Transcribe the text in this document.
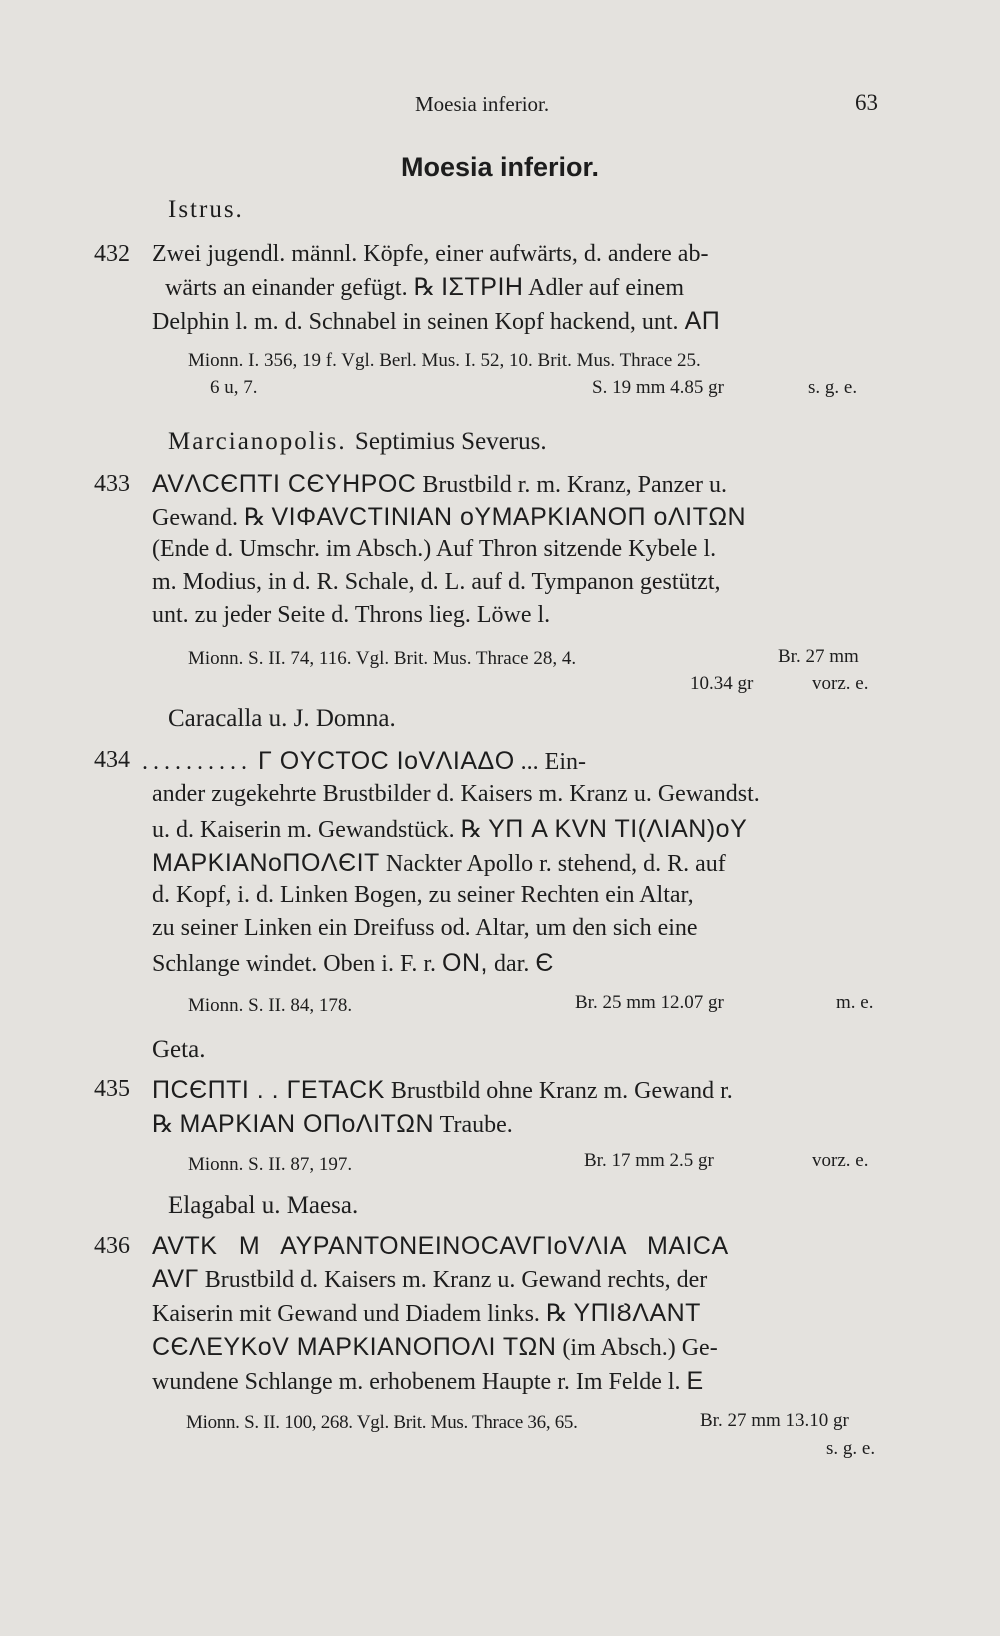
Moesia inferior.	63
Moesia inferior.
Istrus.
432 Zwei jugendl. männl. Köpfe, einer aufwärts, d. andere ab-
wärts an einander gefügt. ℞ IΣTPIH Adler auf einem
Delphin l. m. d. Schnabel in seinen Kopf hackend, unt. AΠ
Mionn. I. 356, 19 f. Vgl. Berl. Mus. I. 52, 10. Brit. Mus. Thrace 25.
6 u, 7.	S. 19 mm 4.85 gr	s. g. e.
Marcianopolis. Septimius Severus.
433 AVΛCЄΠTI CЄYHPOC Brustbild r. m. Kranz, Panzer u.
Gewand. ℞ VIΦAVCTINIAN oYMAPKIANOΠ oΛITΩN
(Ende d. Umschr. im Absch.) Auf Thron sitzende Kybele l.
m. Modius, in d. R. Schale, d. L. auf d. Tympanon gestützt,
unt. zu jeder Seite d. Throns lieg. Löwe l.
Mionn. S. II. 74, 116. Vgl. Brit. Mus. Thrace 28, 4.	Br. 27 mm
10.34 gr	vorz. e.
Caracalla u. J. Domna.
434 .......... Γ OYCTOC IoVΛIAΔO ... Ein-
ander zugekehrte Brustbilder d. Kaisers m. Kranz u. Gewandst.
u. d. Kaiserin m. Gewandstück. ℞ YΠ A KVN TI(ΛIAN)oY
MAPKIANoΠOΛЄIT Nackter Apollo r. stehend, d. R. auf
d. Kopf, i. d. Linken Bogen, zu seiner Rechten ein Altar,
zu seiner Linken ein Dreifuss od. Altar, um den sich eine
Schlange windet. Oben i. F. r. ON, dar. Є
Mionn. S. II. 84, 178.	Br. 25 mm 12.07 gr	m. e.
Geta.
435 ΠCЄΠTI . . ΓETACK Brustbild ohne Kranz m. Gewand r.
℞ MAPKIAN OΠoΛITΩN Traube.
Mionn. S. II. 87, 197.	Br. 17 mm 2.5 gr	vorz. e.
Elagabal u. Maesa.
436 AVTK M AYPANTONEINOCAVΓIoVΛIA MAICA
AVΓ Brustbild d. Kaisers m. Kranz u. Gewand rechts, der
Kaiserin mit Gewand und Diadem links. ℞ YΠIȢΛANT
CЄΛEYKoV MAPKIANOΠOΛI TΩN (im Absch.) Ge-
wundene Schlange m. erhobenem Haupte r. Im Felde l. E
Mionn. S. II. 100, 268. Vgl. Brit. Mus. Thrace 36, 65.	Br. 27 mm 13.10 gr
s. g. e.
